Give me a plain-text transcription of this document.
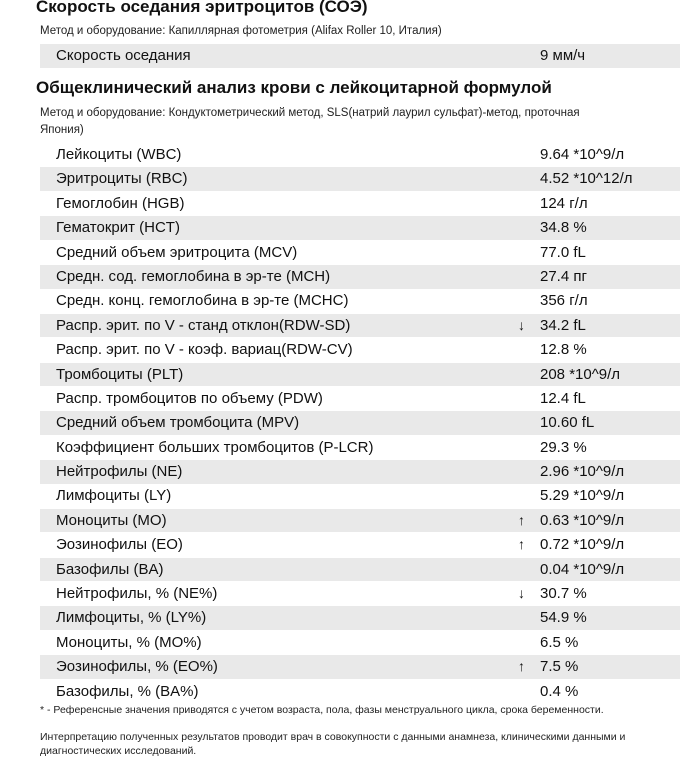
Скорость оседания эритроцитов (СОЭ)
Метод и оборудование: Капиллярная фотометрия (Alifax Roller 10, Италия)
Скорость оседания	9 мм/ч
Общеклинический анализ крови с лейкоцитарной формулой
Метод и оборудование: Кондуктометрический метод, SLS(натрий лаурил сульфат)-метод, проточная
Япония)
Лейкоциты (WBC)	9.64 *10^9/л
Эритроциты (RBC)	4.52 *10^12/л
Гемоглобин (HGB)	124 г/л
Гематокрит (HCT)	34.8 %
Средний объем эритроцита (MCV)	77.0 fL
Средн. сод. гемоглобина в эр-те (MCH)	27.4 пг
Средн. конц. гемоглобина в эр-те (MCHC)	356 г/л
Распр. эрит. по V - станд отклон(RDW-SD)	↓ 34.2 fL
Распр. эрит. по V - коэф. вариац(RDW-CV)	12.8 %
Тромбоциты (PLT)	208 *10^9/л
Распр. тромбоцитов по объему (PDW)	12.4 fL
Средний объем тромбоцита (MPV)	10.60 fL
Коэффициент больших тромбоцитов (P-LCR)	29.3 %
Нейтрофилы (NE)	2.96 *10^9/л
Лимфоциты (LY)	5.29 *10^9/л
Моноциты (MO)	↑ 0.63 *10^9/л
Эозинофилы (EO)	↑ 0.72 *10^9/л
Базофилы (BA)	0.04 *10^9/л
Нейтрофилы, % (NE%)	↓ 30.7 %
Лимфоциты, % (LY%)	54.9 %
Моноциты, % (MO%)	6.5 %
Эозинофилы, % (EO%)	↑ 7.5 %
Базофилы, % (BA%)	0.4 %
* - Референсные значения приводятся с учетом возраста, пола, фазы менструального цикла, срока беременности.
Интерпретацию полученных результатов проводит врач в совокупности с данными анамнеза, клиническими данными и диагностических исследований.
